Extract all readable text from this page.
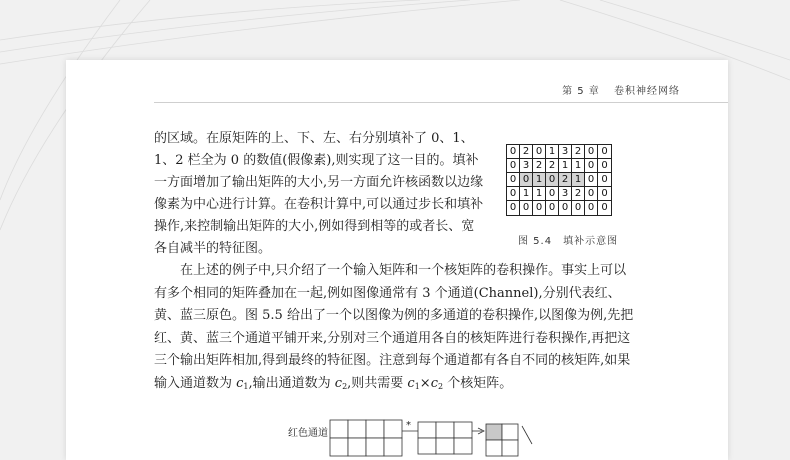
第 5 章 卷积神经网络

的区域。在原矩阵的上、下、左、右分别填补了 0、1、1、2 栏全为 0 的数值(假像素),则实现了这一目的。填补一方面增加了输出矩阵的大小,另一方面允许核函数以边缘像素为中心进行计算。在卷积计算中,可以通过步长和填补操作,来控制输出矩阵的大小,例如得到相等的或者长、宽各自减半的特征图。

0 2 0 1 3 2 0 0
0 3 2 2 1 1 0 0
0 0 1 0 2 1 0 0
0 1 1 0 3 2 0 0
0 0 0 0 0 0 0 0
图 5.4　填补示意图

在上述的例子中,只介绍了一个输入矩阵和一个核矩阵的卷积操作。事实上可以有多个相同的矩阵叠加在一起,例如图像通常有 3 个通道(Channel),分别代表红、黄、蓝三原色。图 5.5 给出了一个以图像为例的多通道的卷积操作,以图像为例,先把红、黄、蓝三个通道平铺开来,分别对三个通道用各自的核矩阵进行卷积操作,再把这三个输出矩阵相加,得到最终的特征图。注意到每个通道都有各自不同的核矩阵,如果输入通道数为 $c_1$,输出通道数为 $c_2$,则共需要 $c_1\times c_2$ 个核矩阵。

红色通道
*
